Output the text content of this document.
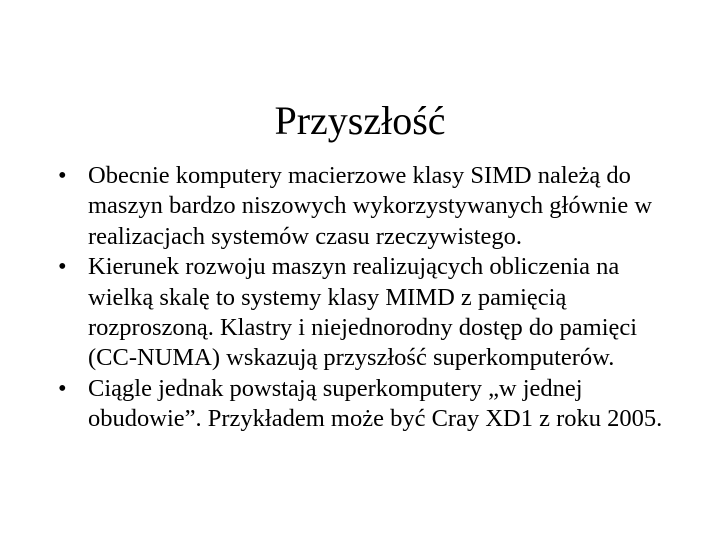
Przyszłość
• Obecnie komputery macierzowe klasy SIMD należą do maszyn bardzo niszowych wykorzystywanych głównie w realizacjach systemów czasu rzeczywistego.
• Kierunek rozwoju maszyn realizujących obliczenia na wielką skalę to systemy klasy MIMD z pamięcią rozproszoną. Klastry i niejednorodny dostęp do pamięci (CC-NUMA) wskazują przyszłość superkomputerów.
• Ciągle jednak powstają superkomputery „w jednej obudowie”. Przykładem może być Cray XD1 z roku 2005.
